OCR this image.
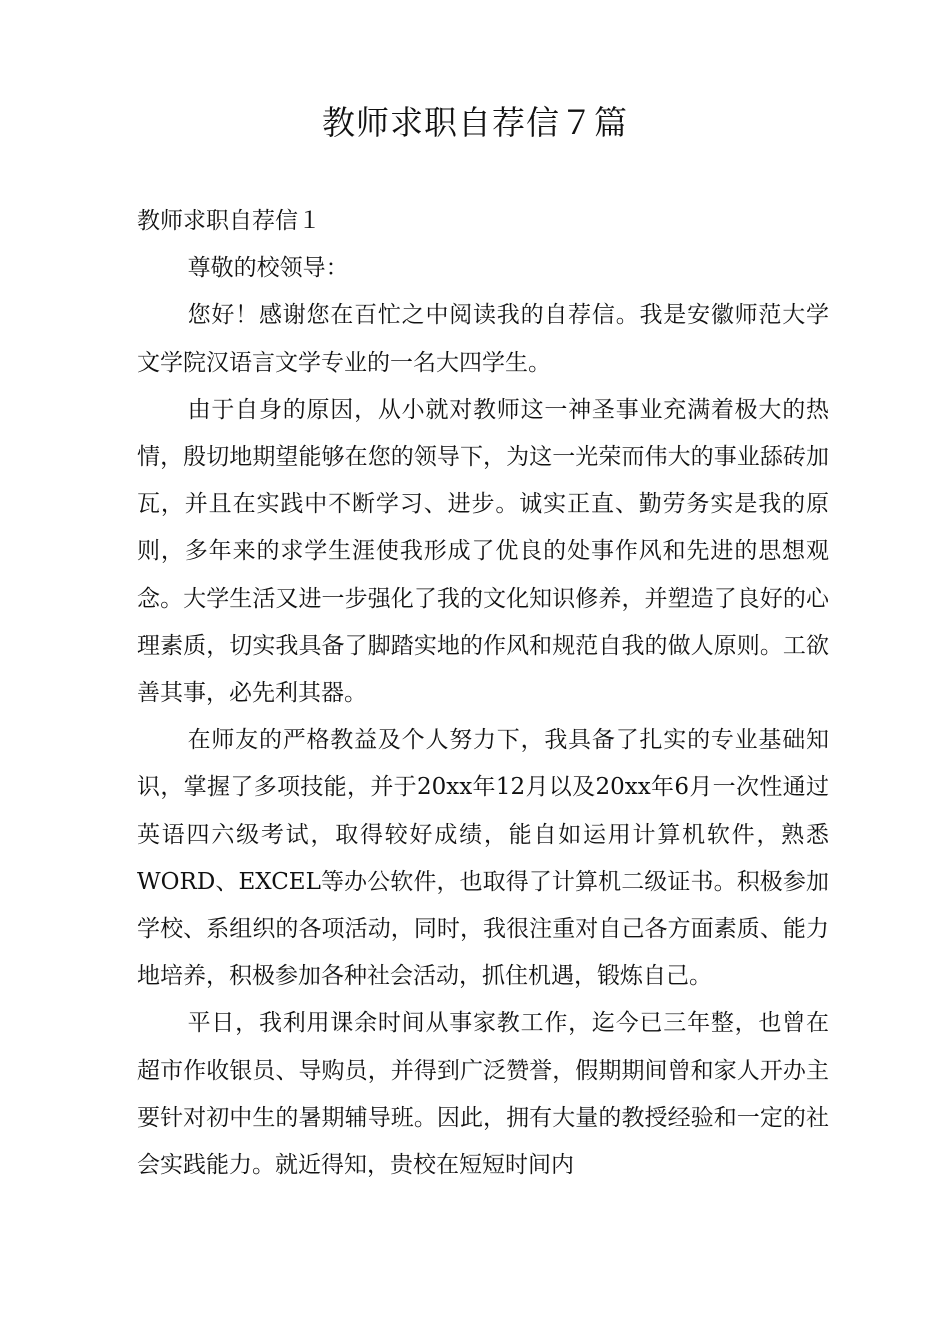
教师求职自荐信７篇

教师求职自荐信１

尊敬的校领导：

您好！感谢您在百忙之中阅读我的自荐信。我是安徽师范大学文学院汉语言文学专业的一名大四学生。

由于自身的原因，从小就对教师这一神圣事业充满着极大的热情，殷切地期望能够在您的领导下，为这一光荣而伟大的事业舔砖加瓦，并且在实践中不断学习、进步。诚实正直、勤劳务实是我的原则，多年来的求学生涯使我形成了优良的处事作风和先进的思想观念。大学生活又进一步强化了我的文化知识修养，并塑造了良好的心理素质，切实我具备了脚踏实地的作风和规范自我的做人原则。工欲善其事，必先利其器。

在师友的严格教益及个人努力下，我具备了扎实的专业基础知识，掌握了多项技能，并于20xx年12月以及20xx年6月一次性通过英语四六级考试，取得较好成绩，能自如运用计算机软件，熟悉WORD、EXCEL等办公软件，也取得了计算机二级证书。积极参加学校、系组织的各项活动，同时，我很注重对自己各方面素质、能力地培养，积极参加各种社会活动，抓住机遇，锻炼自己。

平日，我利用课余时间从事家教工作，迄今已三年整，也曾在超市作收银员、导购员，并得到广泛赞誉，假期期间曾和家人开办主要针对初中生的暑期辅导班。因此，拥有大量的教授经验和一定的社会实践能力。就近得知，贵校在短短时间内
